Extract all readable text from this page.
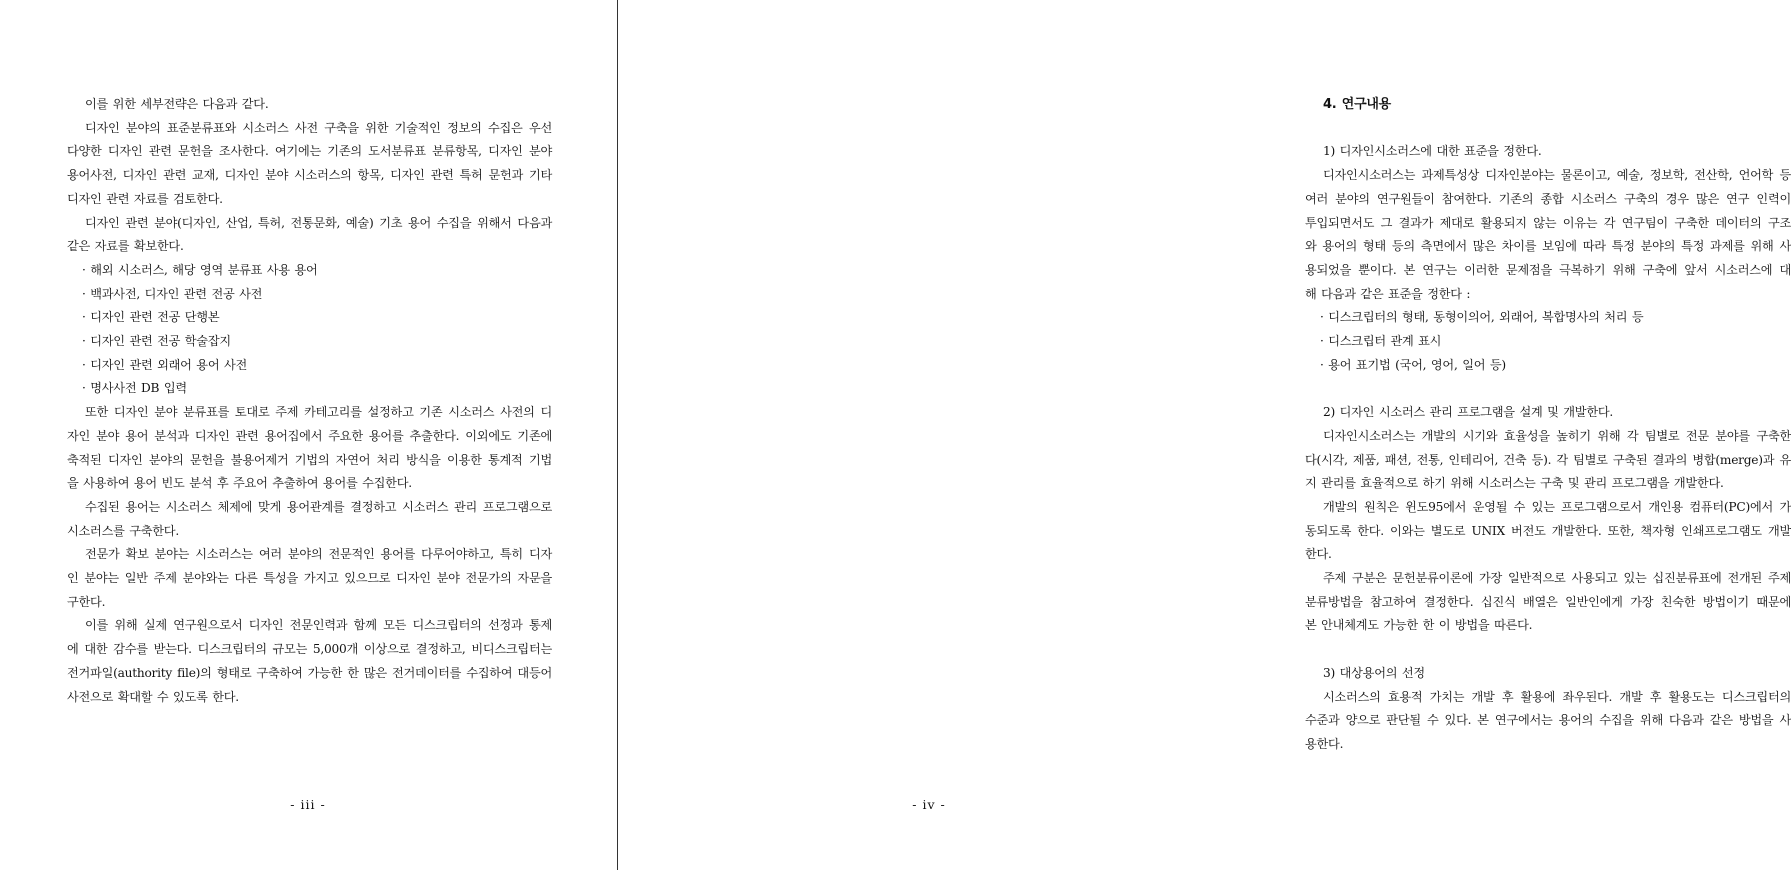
이를 위한 세부전략은 다음과 같다.
디자인 분야의 표준분류표와 시소러스 사전 구축을 위한 기술적인 정보의 수집은 우선
다양한 디자인 관련 문헌을 조사한다. 여기에는 기존의 도서분류표 분류항목, 디자인 분야
용어사전, 디자인 관련 교재, 디자인 분야 시소러스의 항목, 디자인 관련 특허 문헌과 기타
디자인 관련 자료를 검토한다.
디자인 관련 분야(디자인, 산업, 특허, 전통문화, 예술) 기초 용어 수집을 위해서 다음과
같은 자료를 확보한다.
· 해외 시소러스, 해당 영역 분류표 사용 용어
· 백과사전, 디자인 관련 전공 사전
· 디자인 관련 전공 단행본
· 디자인 관련 전공 학술잡지
· 디자인 관련 외래어 용어 사전
· 명사사전 DB 입력
또한 디자인 분야 분류표를 토대로 주제 카테고리를 설정하고 기존 시소러스 사전의 디
자인 분야 용어 분석과 디자인 관련 용어집에서 주요한 용어를 추출한다. 이외에도 기존에
축적된 디자인 분야의 문헌을 불용어제거 기법의 자연어 처리 방식을 이용한 통계적 기법
을 사용하여 용어 빈도 분석 후 주요어 추출하여 용어를 수집한다.
수집된 용어는 시소러스 체제에 맞게 용어관계를 결정하고 시소러스 관리 프로그램으로
시소러스를 구축한다.
전문가 확보 분야는 시소러스는 여러 분야의 전문적인 용어를 다루어야하고, 특히 디자
인 분야는 일반 주제 분야와는 다른 특성을 가지고 있으므로 디자인 분야 전문가의 자문을
구한다.
이를 위해 실제 연구원으로서 디자인 전문인력과 함께 모든 디스크립터의 선정과 통제
에 대한 감수를 받는다. 디스크립터의 규모는 5,000개 이상으로 결정하고, 비디스크립터는
전거파일(authority file)의 형태로 구축하여 가능한 한 많은 전거데이터를 수집하여 대등어
사전으로 확대할 수 있도록 한다.
- iii -
4. 연구내용
1) 디자인시소러스에 대한 표준을 정한다.
디자인시소러스는 과제특성상 디자인분야는 물론이고, 예술, 정보학, 전산학, 언어학 등
여러 분야의 연구원들이 참여한다. 기존의 종합 시소러스 구축의 경우 많은 연구 인력이
투입되면서도 그 결과가 제대로 활용되지 않는 이유는 각 연구팀이 구축한 데이터의 구조
와 용어의 형태 등의 측면에서 많은 차이를 보임에 따라 특정 분야의 특정 과제를 위해 사
용되었을 뿐이다. 본 연구는 이러한 문제점을 극복하기 위해 구축에 앞서 시소러스에 대
해 다음과 같은 표준을 정한다 :
· 디스크립터의 형태, 동형이의어, 외래어, 복합명사의 처리 등
· 디스크립터 관계 표시
· 용어 표기법 (국어, 영어, 일어 등)
2) 디자인 시소러스 관리 프로그램을 설계 및 개발한다.
디자인시소러스는 개발의 시기와 효율성을 높히기 위해 각 팀별로 전문 분야를 구축한
다(시각, 제품, 패션, 전통, 인테리어, 건축 등). 각 팀별로 구축된 결과의 병합(merge)과 유
지 관리를 효율적으로 하기 위해 시소러스는 구축 및 관리 프로그램을 개발한다.
개발의 원칙은 윈도95에서 운영될 수 있는 프로그램으로서 개인용 컴퓨터(PC)에서 가
동되도록 한다. 이와는 별도로 UNIX 버전도 개발한다. 또한, 책자형 인쇄프로그램도 개발
한다.
주제 구분은 문헌분류이론에 가장 일반적으로 사용되고 있는 십진분류표에 전개된 주제
분류방법을 참고하여 결정한다. 십진식 배열은 일반인에게 가장 친숙한 방법이기 때문에
본 안내체계도 가능한 한 이 방법을 따른다.
3) 대상용어의 선정
시소러스의 효용적 가치는 개발 후 활용에 좌우된다. 개발 후 활용도는 디스크립터의
수준과 양으로 판단될 수 있다. 본 연구에서는 용어의 수집을 위해 다음과 같은 방법을 사
용한다.
- iv -
